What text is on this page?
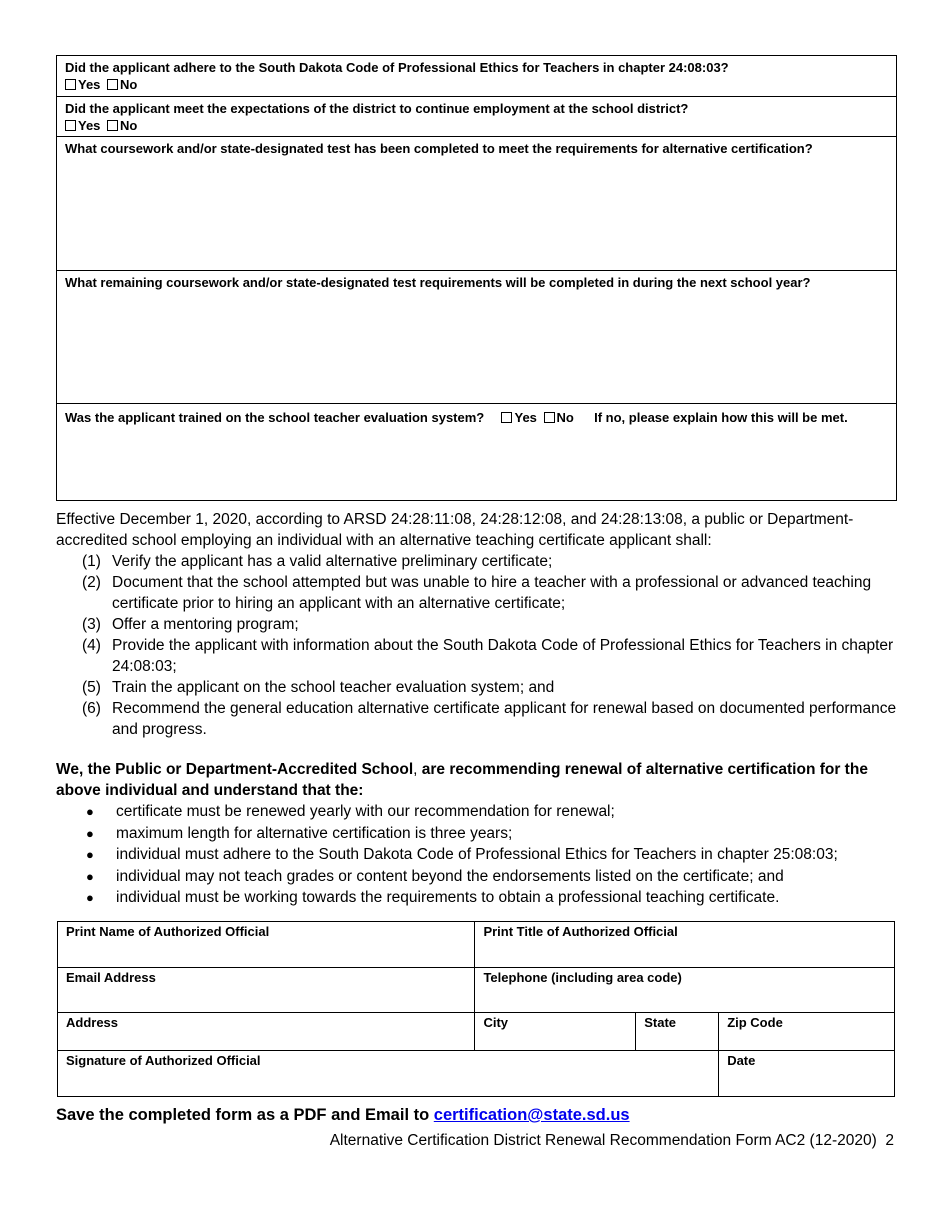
Did the applicant adhere to the South Dakota Code of Professional Ethics for Teachers in chapter 24:08:03?
Yes No
Did the applicant meet the expectations of the district to continue employment at the school district?
Yes No
What coursework and/or state-designated test has been completed to meet the requirements for alternative certification?
What remaining coursework and/or state-designated test requirements will be completed in during the next school year?
Was the applicant trained on the school teacher evaluation system? Yes No If no, please explain how this will be met.

Effective December 1, 2020, according to ARSD 24:28:11:08, 24:28:12:08, and 24:28:13:08, a public or Department-accredited school employing an individual with an alternative teaching certificate applicant shall:

(1) Verify the applicant has a valid alternative preliminary certificate;
(2) Document that the school attempted but was unable to hire a teacher with a professional or advanced teaching certificate prior to hiring an applicant with an alternative certificate;
(3) Offer a mentoring program;
(4) Provide the applicant with information about the South Dakota Code of Professional Ethics for Teachers in chapter 24:08:03;
(5) Train the applicant on the school teacher evaluation system; and
(6) Recommend the general education alternative certificate applicant for renewal based on documented performance and progress.

We, the Public or Department-Accredited School, are recommending renewal of alternative certification for the above individual and understand that the:

●	certificate must be renewed yearly with our recommendation for renewal;
●	maximum length for alternative certification is three years;
●	individual must adhere to the South Dakota Code of Professional Ethics for Teachers in chapter 25:08:03;
●	individual may not teach grades or content beyond the endorsements listed on the certificate; and
●	individual must be working towards the requirements to obtain a professional teaching certificate.
Print Name of Authorized Official	Print Title of Authorized Official		
Email Address	Telephone (including area code)		
Address	City	State	Zip Code
Signature of Authorized Official			Date
Save the completed form as a PDF and Email to certification@state.sd.us
Alternative Certification District Renewal Recommendation Form AC2 (12-2020) 2
